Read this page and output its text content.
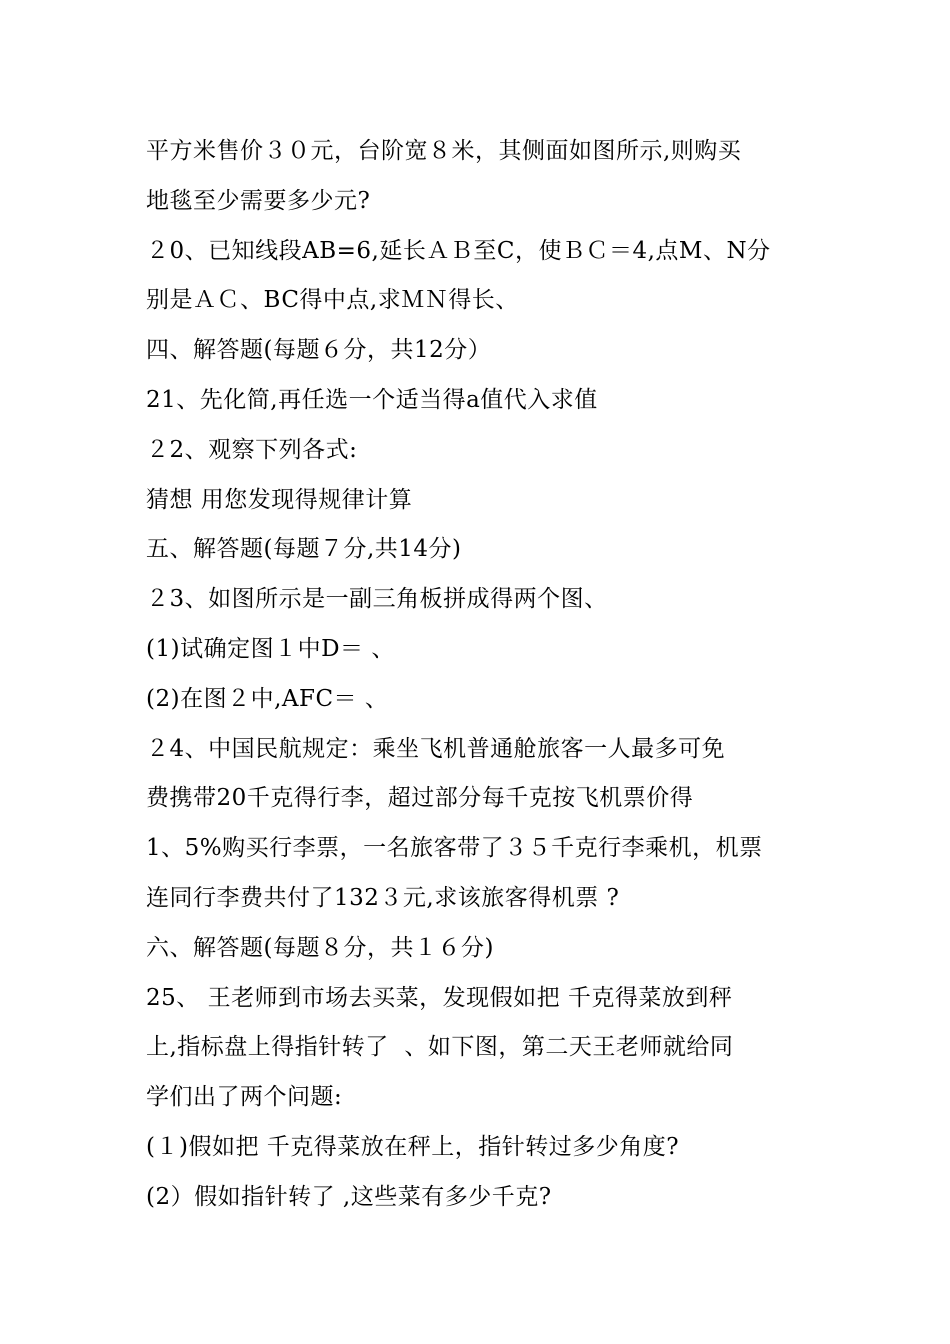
平方米售价３０元，台阶宽８米，其侧面如图所示,则购买
地毯至少需要多少元?
２0、已知线段AB=6,延长ＡＢ至C，使ＢＣ＝4,点M、N分
别是ＡＣ、BC得中点,求ＭＮ得长、
四、解答题(每题６分，共12分）
21、先化简,再任选一个适当得a值代入求值
２2、观察下列各式:
猜想 用您发现得规律计算
五、解答题(每题７分,共14分)
２3、如图所示是一副三角板拼成得两个图、
(1)试确定图１中D＝ 、
(2)在图２中,AFC＝ 、
２4、中国民航规定：乘坐飞机普通舱旅客一人最多可免
费携带20千克得行李，超过部分每千克按飞机票价得
1、5%购买行李票，一名旅客带了３５千克行李乘机，机票
连同行李费共付了132３元,求该旅客得机票 ?
六、解答题(每题８分，共１６分)
25、 王老师到市场去买菜，发现假如把 千克得菜放到秤
上,指标盘上得指针转了  、如下图，第二天王老师就给同
学们出了两个问题:
(１)假如把 千克得菜放在秤上，指针转过多少角度?
(2）假如指针转了 ,这些菜有多少千克?
